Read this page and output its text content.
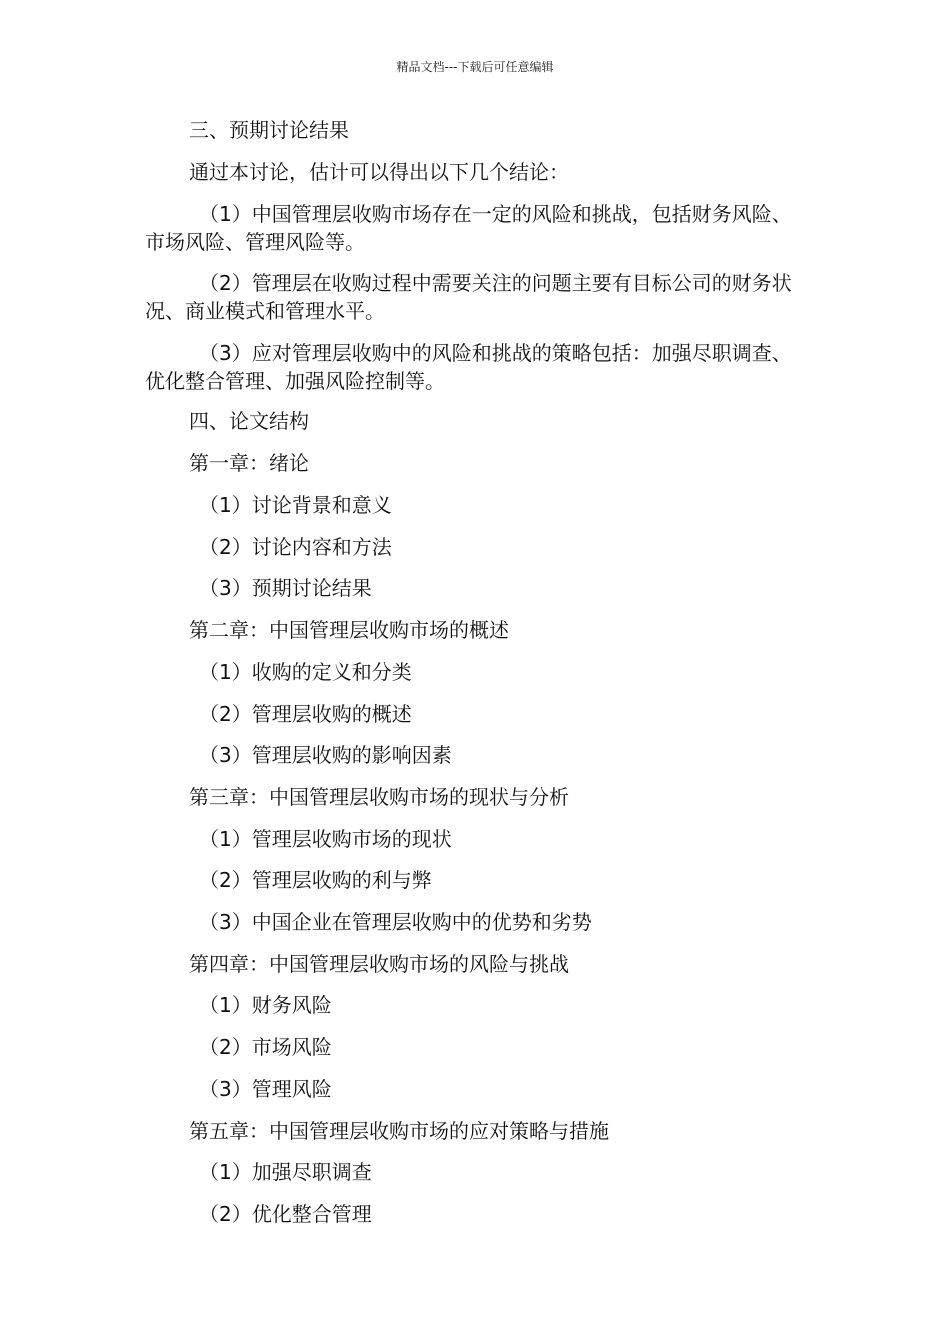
精品文档---下载后可任意编辑
三、预期讨论结果
通过本讨论，估计可以得出以下几个结论：
（1）中国管理层收购市场存在一定的风险和挑战，包括财务风险、
市场风险、管理风险等。
（2）管理层在收购过程中需要关注的问题主要有目标公司的财务状
况、商业模式和管理水平。
（3）应对管理层收购中的风险和挑战的策略包括：加强尽职调查、
优化整合管理、加强风险控制等。
四、论文结构
第一章：绪论
（1）讨论背景和意义
（2）讨论内容和方法
（3）预期讨论结果
第二章：中国管理层收购市场的概述
（1）收购的定义和分类
（2）管理层收购的概述
（3）管理层收购的影响因素
第三章：中国管理层收购市场的现状与分析
（1）管理层收购市场的现状
（2）管理层收购的利与弊
（3）中国企业在管理层收购中的优势和劣势
第四章：中国管理层收购市场的风险与挑战
（1）财务风险
（2）市场风险
（3）管理风险
第五章：中国管理层收购市场的应对策略与措施
（1）加强尽职调查
（2）优化整合管理
